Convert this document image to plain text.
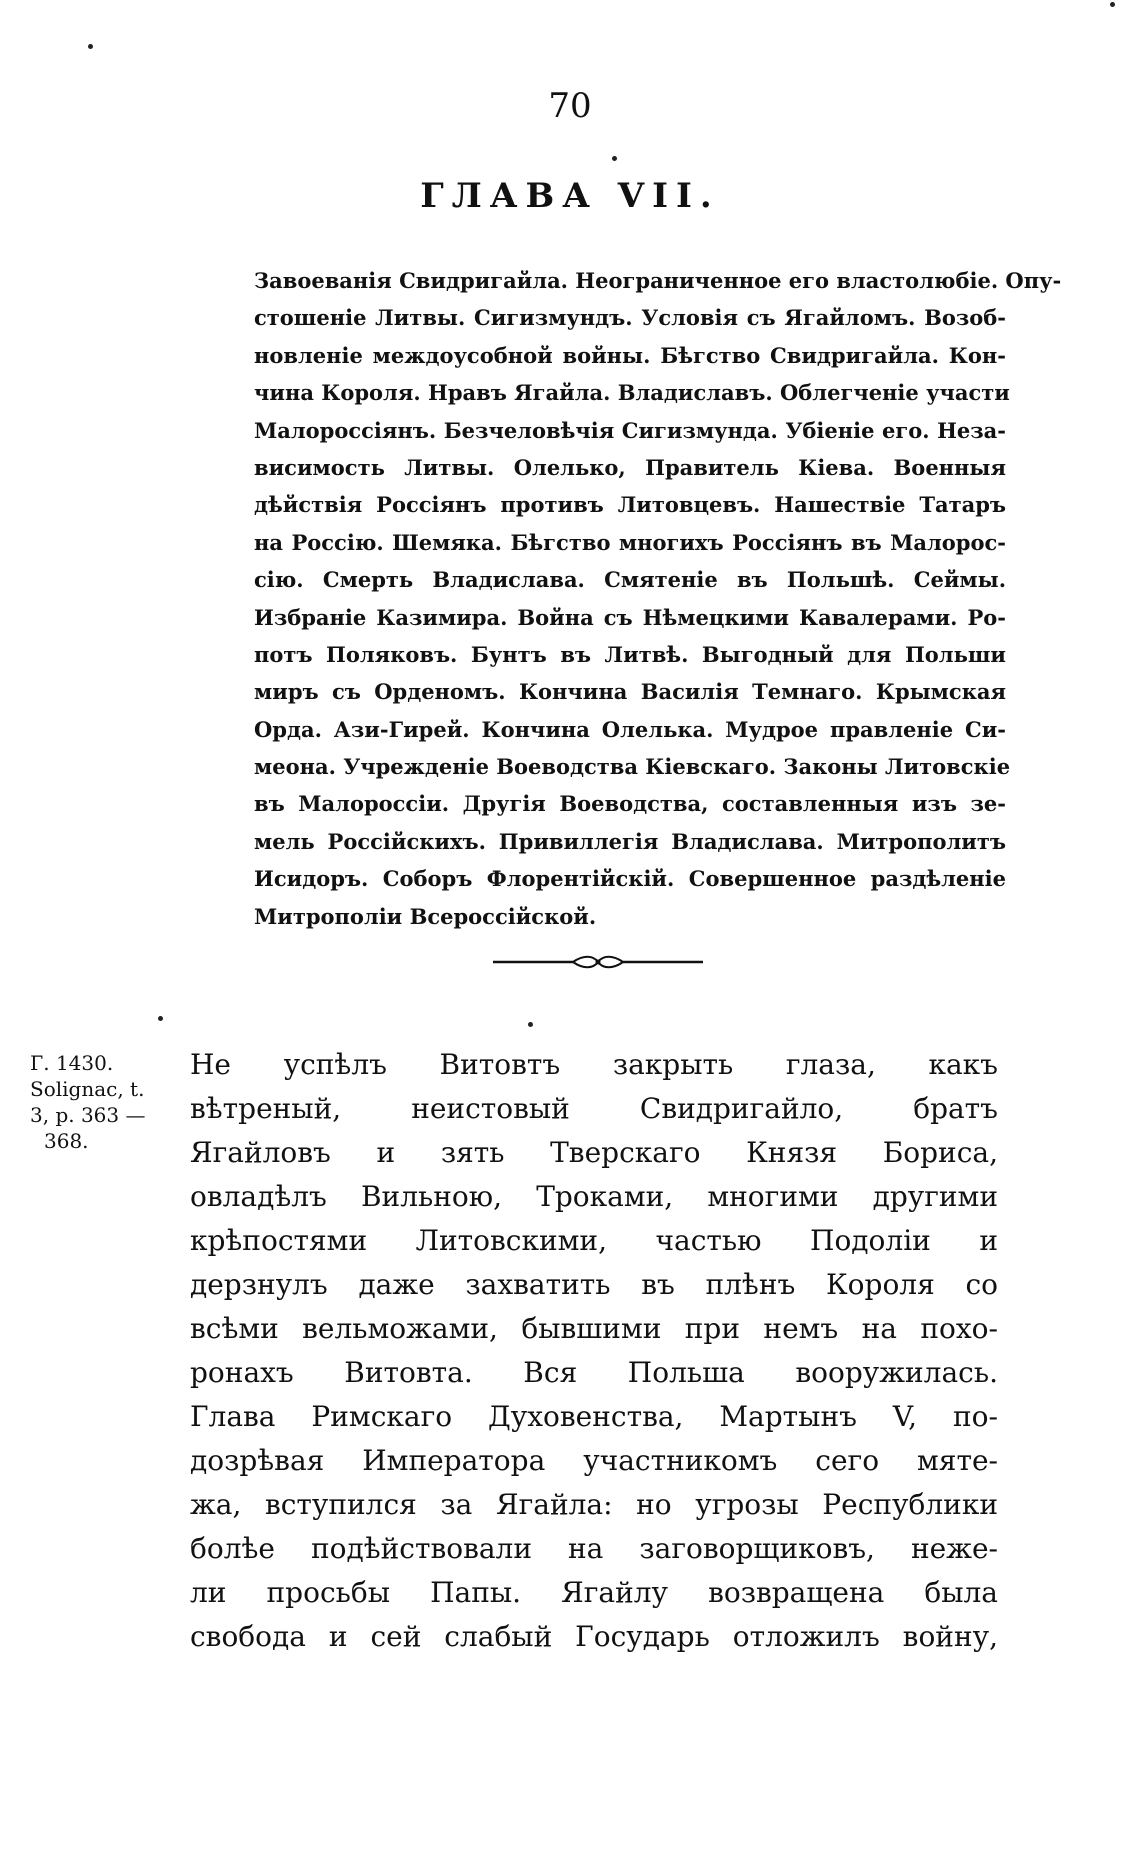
70
ГЛАВА VII.
Завоеванія Свидригайла. Неограниченное его властолюбіе. Опу-
стошеніе Литвы. Сигизмундъ. Условія съ Ягайломъ. Возоб-
новленіе междоусобной войны. Бѣгство Свидригайла. Кон-
чина Короля. Нравъ Ягайла. Владиславъ. Облегченіе участи
Малороссіянъ. Безчеловѣчія Сигизмунда. Убіеніе его. Неза-
висимость Литвы. Олелько, Правитель Кіева. Военныя
дѣйствія Россіянъ противъ Литовцевъ. Нашествіе Татаръ
на Россію. Шемяка. Бѣгство многихъ Россіянъ въ Малорос-
сію. Смерть Владислава. Смятеніе въ Польшѣ. Сеймы.
Избраніе Казимира. Война съ Нѣмецкими Кавалерами. Ро-
потъ Поляковъ. Бунтъ въ Литвѣ. Выгодный для Польши
миръ съ Орденомъ. Кончина Василія Темнаго. Крымская
Орда. Ази-Гирей. Кончина Олелька. Мудрое правленіе Си-
меона. Учрежденіе Воеводства Кіевскаго. Законы Литовскіе
въ Малороссіи. Другія Воеводства, составленныя изъ зе-
мель Россійскихъ. Привиллегія Владислава. Митрополитъ
Исидоръ. Соборъ Флорентійскій. Совершенное раздѣленіе
Митрополіи Всероссійской.
Г. 1430.
Solignac, t.
3, p. 363 —
368.
Не успѣлъ Витовтъ закрыть глаза, какъ
вѣтреный, неистовый Свидригайло, братъ
Ягайловъ и зять Тверскаго Князя Бориса,
овладѣлъ Вильною, Троками, многими другими
крѣпостями Литовскими, частью Подоліи и
дерзнулъ даже захватить въ плѣнъ Короля со
всѣми вельможами, бывшими при немъ на похо-
ронахъ Витовта. Вся Польша вооружилась.
Глава Римскаго Духовенства, Мартынъ V, по-
дозрѣвая Императора участникомъ сего мяте-
жа, вступился за Ягайла: но угрозы Республики
болѣе подѣйствовали на заговорщиковъ, нeже-
ли просьбы Папы. Ягайлу возвращена была
свобода и сей слабый Государь отложилъ войну,
